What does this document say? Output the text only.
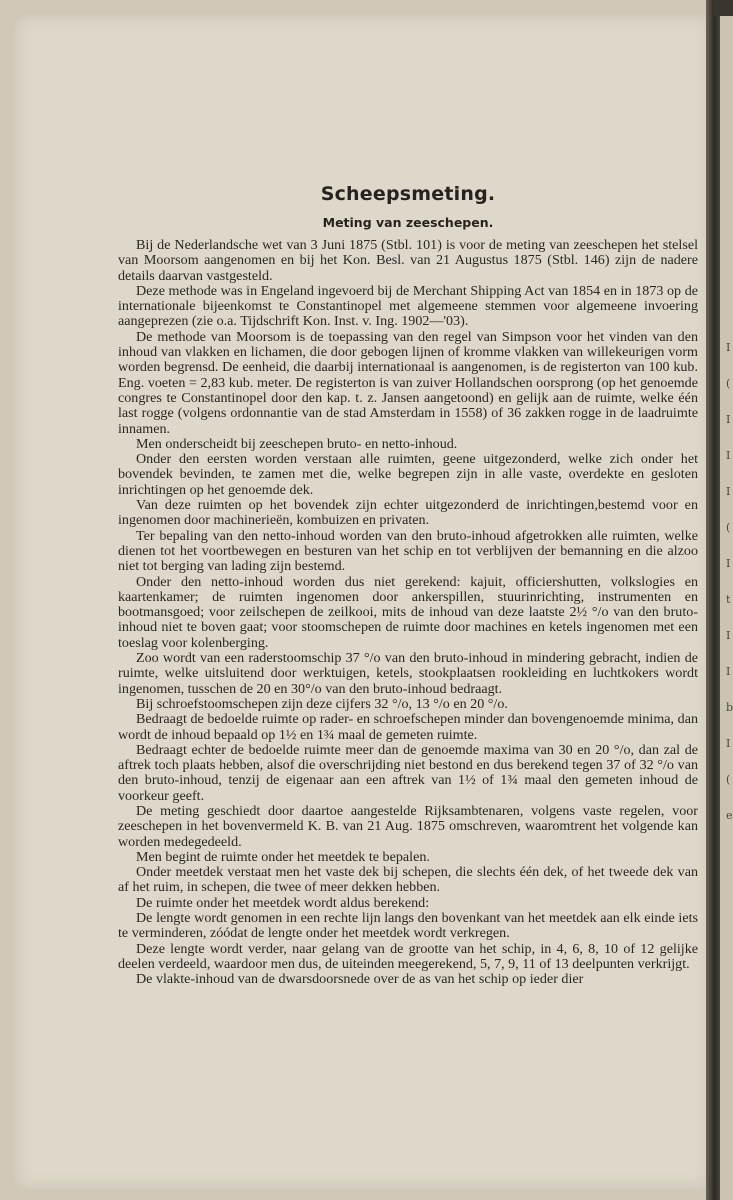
I
(
I
I
I
(
I
t
I
I
b
I
(
e
Scheepsmeting.
Meting van zeeschepen.

Bij de Nederlandsche wet van 3 Juni 1875 (Stbl. 101) is voor de meting van zeeschepen het stelsel van Moorsom aangenomen en bij het Kon. Besl. van 21 Augustus 1875 (Stbl. 146) zijn de nadere details daarvan vastgesteld.

Deze methode was in Engeland ingevoerd bij de Merchant Shipping Act van 1854 en in 1873 op de internationale bijeenkomst te Constantinopel met algemeene stemmen voor algemeene invoering aangeprezen (zie o.a. Tijdschrift Kon. Inst. v. Ing. 1902—'03).

De methode van Moorsom is de toepassing van den regel van Simpson voor het vinden van den inhoud van vlakken en lichamen, die door gebogen lijnen of kromme vlakken van willekeurigen vorm worden begrensd. De eenheid, die daarbij internationaal is aangenomen, is de registerton van 100 kub. Eng. voeten = 2,83 kub. meter. De registerton is van zuiver Hollandschen oorsprong (op het genoemde congres te Constantinopel door den kap. t. z. Jansen aangetoond) en gelijk aan de ruimte, welke één last rogge (volgens ordonnantie van de stad Amsterdam in 1558) of 36 zakken rogge in de laadruimte innamen.

Men onderscheidt bij zeeschepen bruto- en netto-inhoud.

Onder den eersten worden verstaan alle ruimten, geene uitgezonderd, welke zich onder het bovendek bevinden, te zamen met die, welke begrepen zijn in alle vaste, overdekte en gesloten inrichtingen op het genoemde dek.

Van deze ruimten op het bovendek zijn echter uitgezonderd de inrichtingen,bestemd voor en ingenomen door machinerieën, kombuizen en privaten.

Ter bepaling van den netto-inhoud worden van den bruto-inhoud afgetrokken alle ruimten, welke dienen tot het voortbewegen en besturen van het schip en tot verblijven der bemanning en die alzoo niet tot berging van lading zijn bestemd.

Onder den netto-inhoud worden dus niet gerekend: kajuit, officiershutten, volkslogies en kaartenkamer; de ruimten ingenomen door ankerspillen, stuurinrichting, instrumenten en bootmansgoed; voor zeilschepen de zeilkooi, mits de inhoud van deze laatste 2½ °/o van den bruto-inhoud niet te boven gaat; voor stoomschepen de ruimte door machines en ketels ingenomen met een toeslag voor kolenberging.

Zoo wordt van een raderstoomschip 37 °/o van den bruto-inhoud in mindering gebracht, indien de ruimte, welke uitsluitend door werktuigen, ketels, stookplaatsen rookleiding en luchtkokers wordt ingenomen, tusschen de 20 en 30°/o van den bruto-inhoud bedraagt.

Bij schroefstoomschepen zijn deze cijfers 32 °/o, 13 °/o en 20 °/o.

Bedraagt de bedoelde ruimte op rader- en schroefschepen minder dan bovengenoemde minima, dan wordt de inhoud bepaald op 1½ en 1¾ maal de gemeten ruimte.

Bedraagt echter de bedoelde ruimte meer dan de genoemde maxima van 30 en 20 °/o, dan zal de aftrek toch plaats hebben, alsof die overschrijding niet bestond en dus berekend tegen 37 of 32 °/o van den bruto-inhoud, tenzij de eigenaar aan een aftrek van 1½ of 1¾ maal den gemeten inhoud de voorkeur geeft.

De meting geschiedt door daartoe aangestelde Rijksambtenaren, volgens vaste regelen, voor zeeschepen in het bovenvermeld K. B. van 21 Aug. 1875 omschreven, waaromtrent het volgende kan worden medegedeeld.

Men begint de ruimte onder het meetdek te bepalen.

Onder meetdek verstaat men het vaste dek bij schepen, die slechts één dek, of het tweede dek van af het ruim, in schepen, die twee of meer dekken hebben.

De ruimte onder het meetdek wordt aldus berekend:

De lengte wordt genomen in een rechte lijn langs den bovenkant van het meetdek aan elk einde iets te verminderen, zóódat de lengte onder het meetdek wordt verkregen.

Deze lengte wordt verder, naar gelang van de grootte van het schip, in 4, 6, 8, 10 of 12 gelijke deelen verdeeld, waardoor men dus, de uiteinden meegerekend, 5, 7, 9, 11 of 13 deelpunten verkrijgt.

De vlakte-inhoud van de dwarsdoorsnede over de as van het schip op ieder dier
